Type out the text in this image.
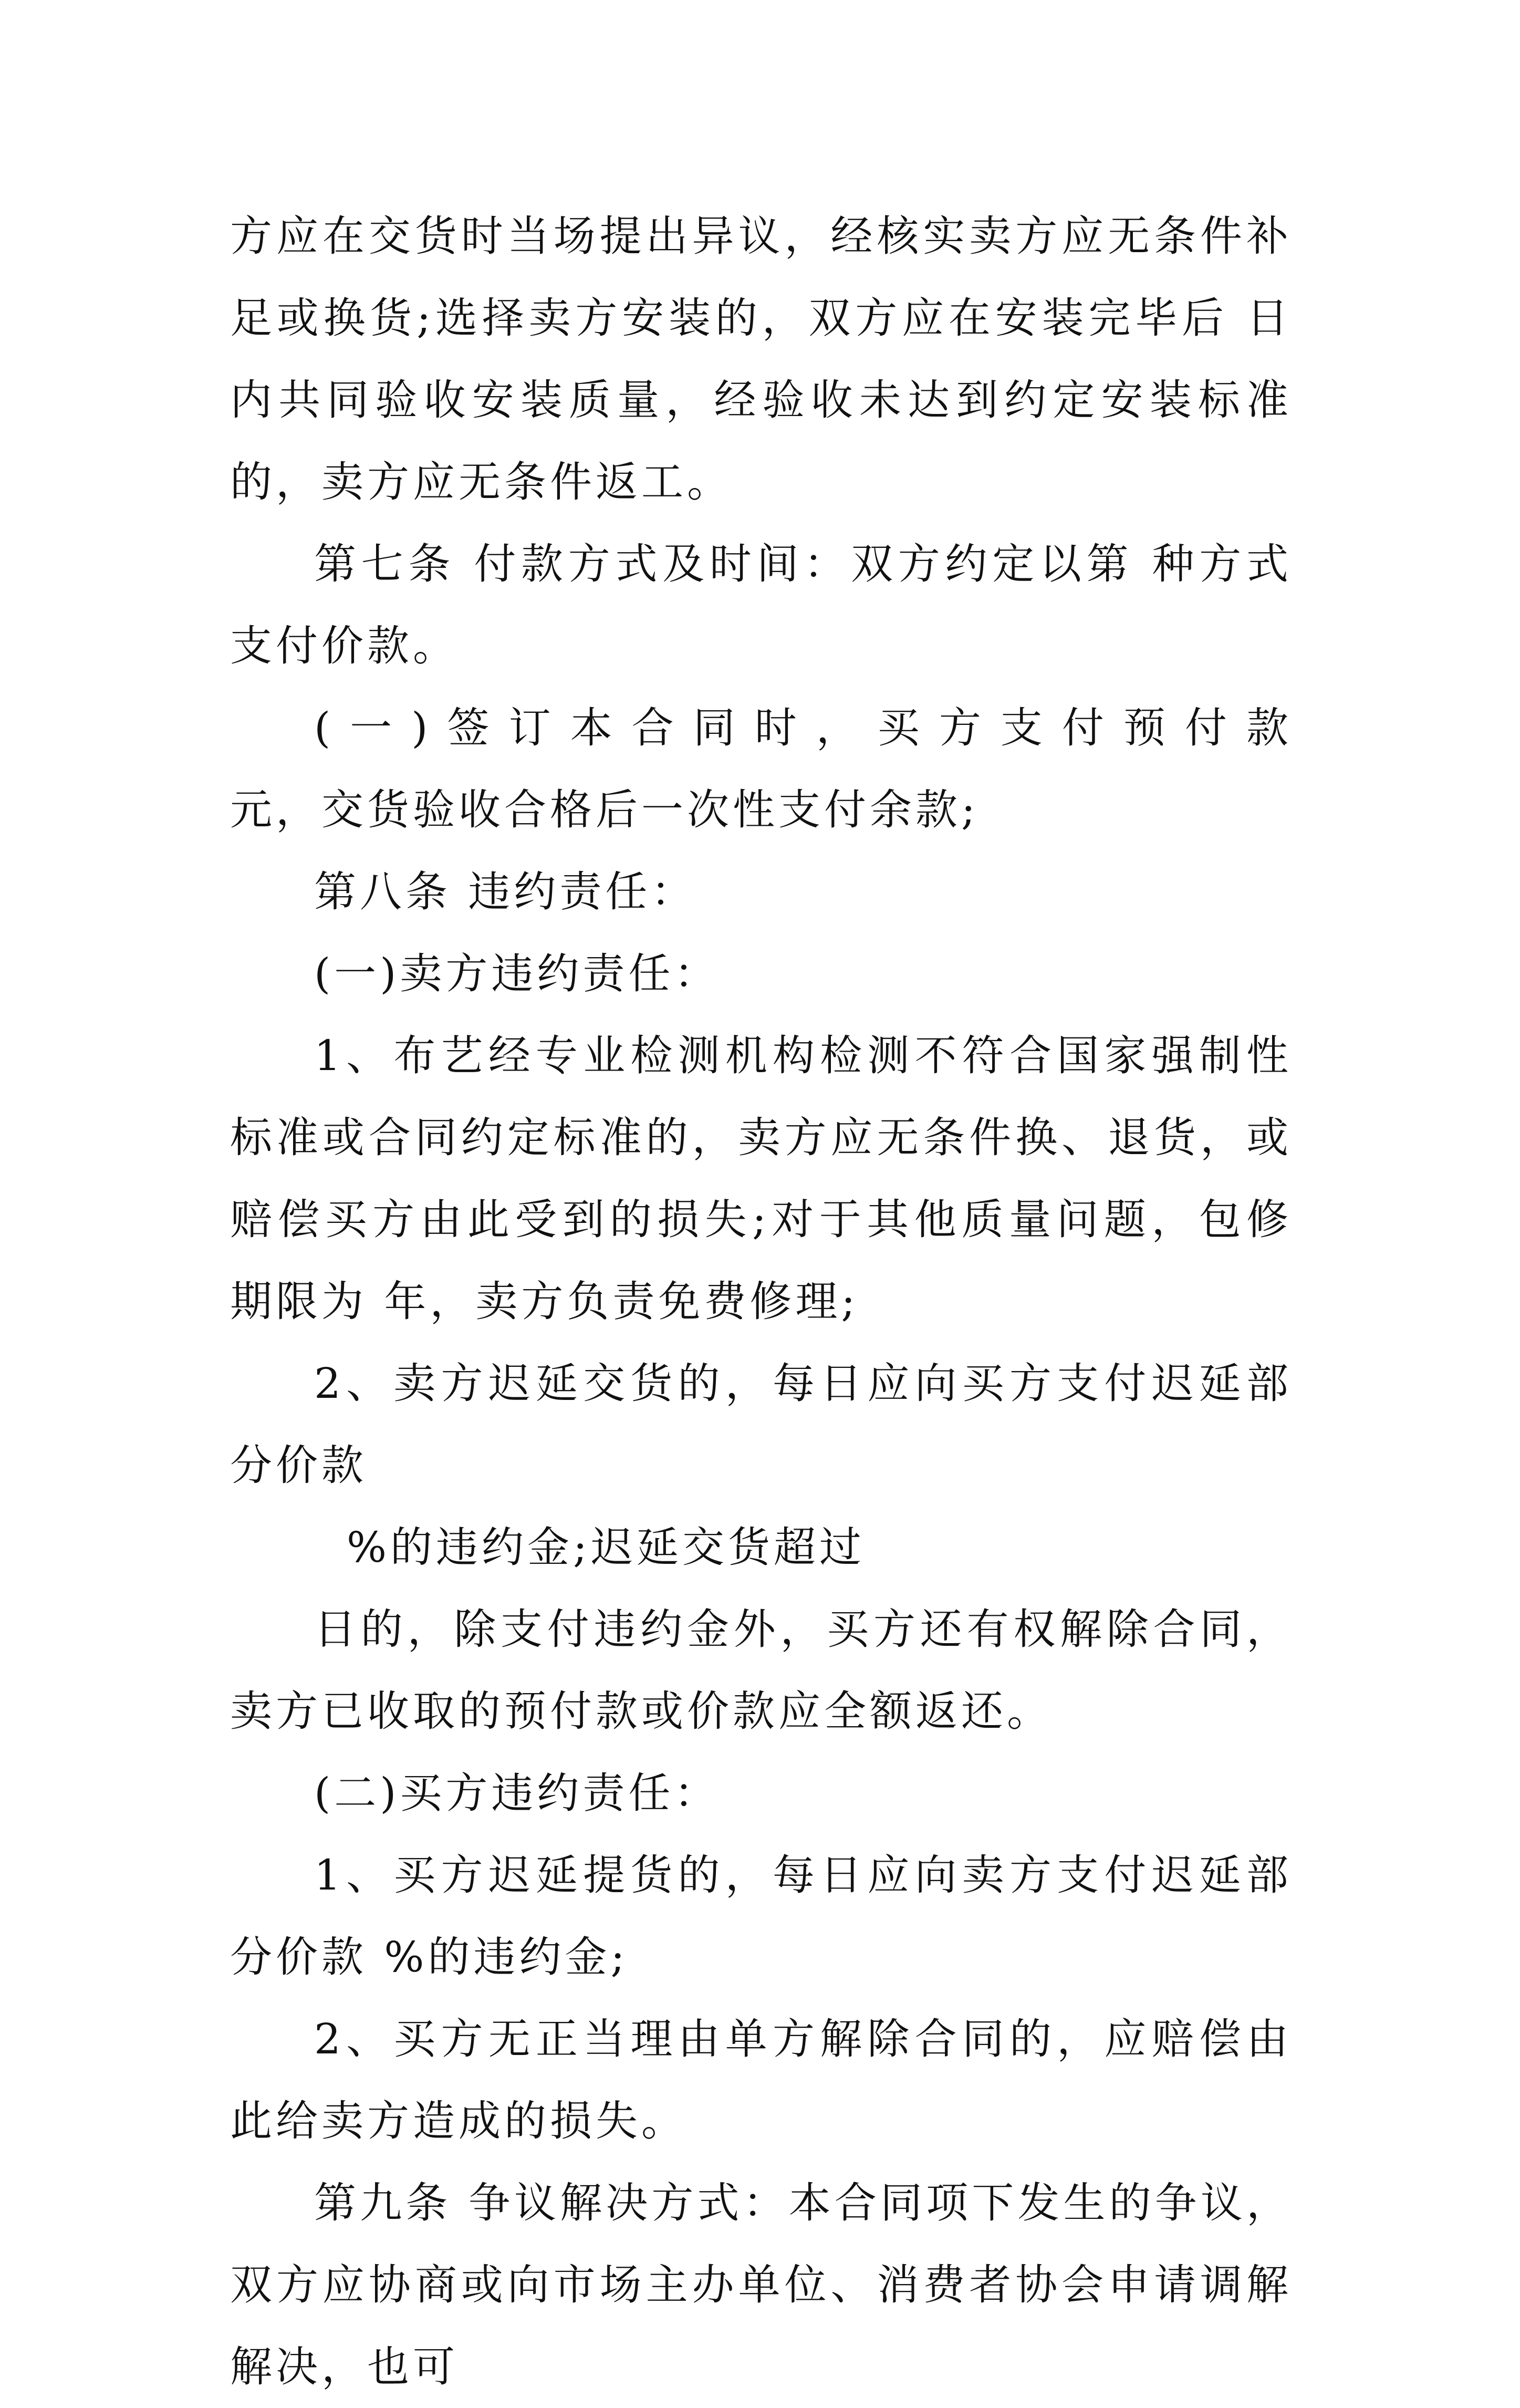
方应在交货时当场提出异议，经核实卖方应无条件补足或换货;选择卖方安装的，双方应在安装完毕后 日内共同验收安装质量，经验收未达到约定安装标准的，卖方应无条件返工。

第七条 付款方式及时间：双方约定以第 种方式支付价款。

(一)签订本合同时，买方支付预付款            元，交货验收合格后一次性支付余款;

第八条 违约责任：

(一)卖方违约责任：

1、布艺经专业检测机构检测不符合国家强制性标准或合同约定标准的，卖方应无条件换、退货，或赔偿买方由此受到的损失;对于其他质量问题，包修期限为 年，卖方负责免费修理;

2、卖方迟延交货的，每日应向买方支付迟延部分价款

%的违约金;迟延交货超过

日的，除支付违约金外，买方还有权解除合同，卖方已收取的预付款或价款应全额返还。

(二)买方违约责任：

1、买方迟延提货的，每日应向卖方支付迟延部分价款 %的违约金;

2、买方无正当理由单方解除合同的，应赔偿由此给卖方造成的损失。

第九条 争议解决方式：本合同项下发生的争议，双方应协商或向市场主办单位、消费者协会申请调解解决，也可
